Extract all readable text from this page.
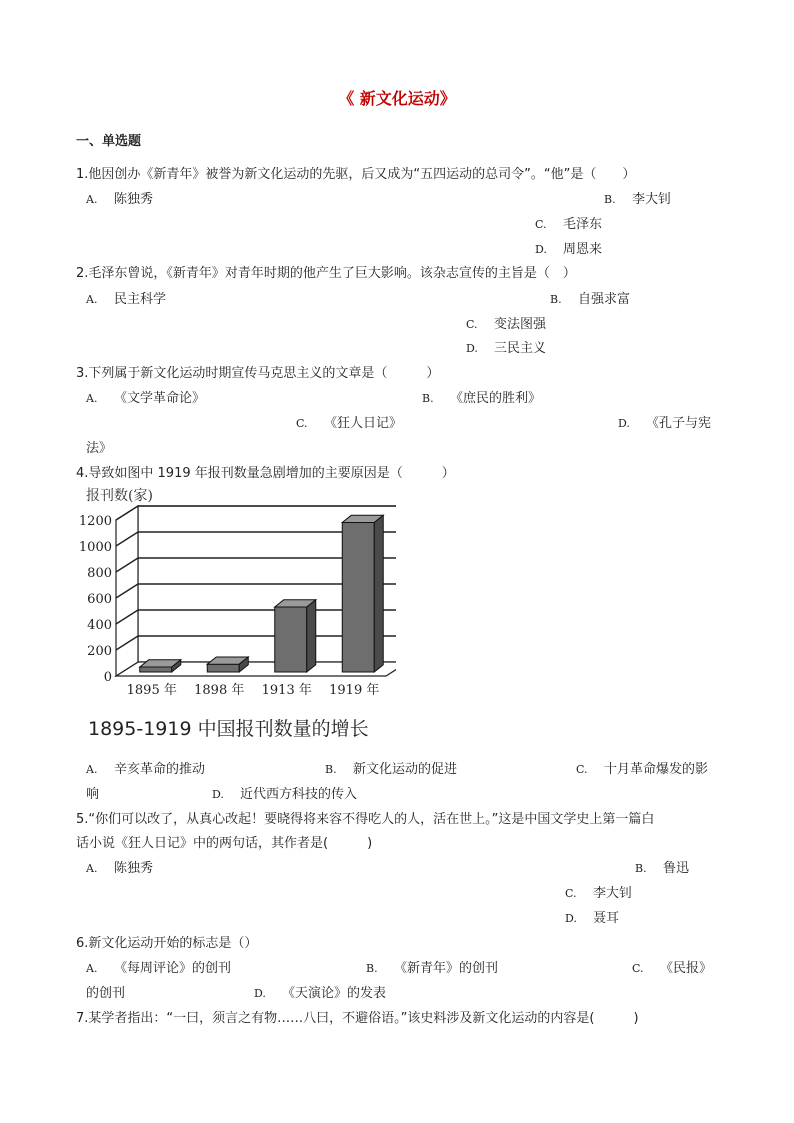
《 新文化运动》
一、单选题
1.他因创办《新青年》被誉为新文化运动的先驱，后又成为“五四运动的总司令”。“他”是（　　）
A. 陈独秀	B. 李大钊
C. 毛泽东
D. 周恩来
2.毛泽东曾说，《新青年》对青年时期的他产生了巨大影响。该杂志宣传的主旨是（　）
A. 民主科学	B. 自强求富
C. 变法图强
D. 三民主义
3.下列属于新文化运动时期宣传马克思主义的文章是（　　　）
A. 《文学革命论》	B. 《庶民的胜利》
C. 《狂人日记》	D. 《孔子与宪
法》
4.导致如图中 1919 年报刊数量急剧增加的主要原因是（　　　）
报刊数(家)
0
200
400
600
800
1000
1200
1895 年 1898 年 1913 年 1919 年
1895-1919 中国报刊数量的增长
A. 辛亥革命的推动	B. 新文化运动的促进	C. 十月革命爆发的影
响	D. 近代西方科技的传入
5.“你们可以改了，从真心改起！要晓得将来容不得吃人的人，活在世上。”这是中国文学史上第一篇白
话小说《狂人日记》中的两句话，其作者是(　　　)
A. 陈独秀	B. 鲁迅
C. 李大钊
D. 聂耳
6.新文化运动开始的标志是（）
A. 《每周评论》的创刊	B. 《新青年》的创刊	C. 《民报》
的创刊	D. 《天演论》的发表
7.某学者指出：“一曰，须言之有物……八曰，不避俗语。”该史料涉及新文化运动的内容是(　　　)
